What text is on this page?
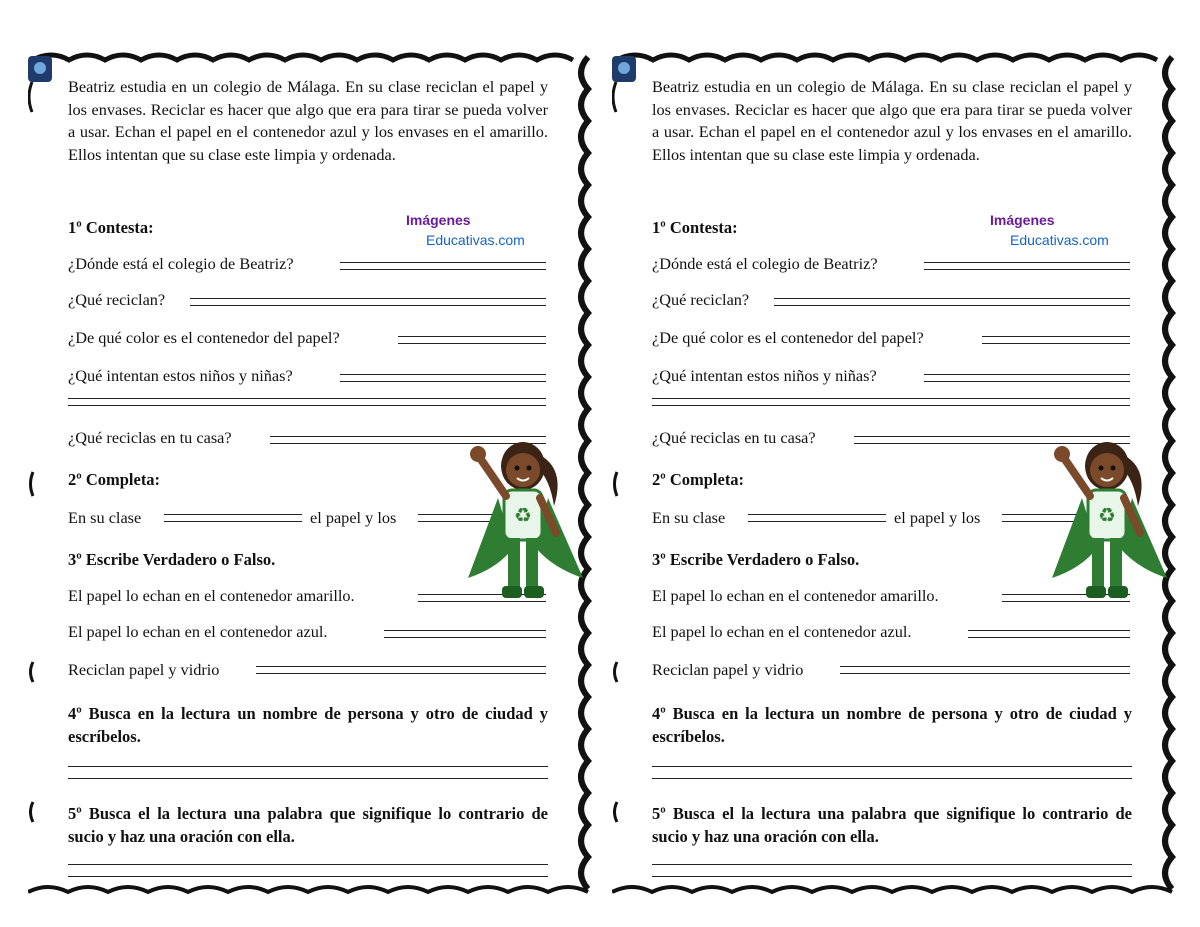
Beatriz estudia en un colegio de Málaga. En su clase reciclan el papel y los envases. Reciclar es hacer que algo que era para tirar se pueda volver a usar. Echan el papel en el contenedor azul y los envases en el amarillo. Ellos intentan que su clase este limpia y ordenada.

Imágenes
Educativas.com
1º Contesta:
¿Dónde está el colegio de Beatriz?
¿Qué reciclan?
¿De qué color es el contenedor del papel?
¿Qué intentan estos niños y niñas?
¿Qué reciclas en tu casa?
2º Completa:
En su clase	el papel y los
3º Escribe Verdadero o Falso.
El papel lo echan en el contenedor amarillo.
El papel lo echan en el contenedor azul.
Reciclan papel y vidrio

4º Busca en la lectura un nombre de persona y otro de ciudad y escríbelos.

5º Busca el la lectura una palabra que signifique lo contrario de sucio y haz una oración con ella.

♻

Beatriz estudia en un colegio de Málaga. En su clase reciclan el papel y los envases. Reciclar es hacer que algo que era para tirar se pueda volver a usar. Echan el papel en el contenedor azul y los envases en el amarillo. Ellos intentan que su clase este limpia y ordenada.

Imágenes
Educativas.com
1º Contesta:
¿Dónde está el colegio de Beatriz?
¿Qué reciclan?
¿De qué color es el contenedor del papel?
¿Qué intentan estos niños y niñas?
¿Qué reciclas en tu casa?
2º Completa:
En su clase	el papel y los
3º Escribe Verdadero o Falso.
El papel lo echan en el contenedor amarillo.
El papel lo echan en el contenedor azul.
Reciclan papel y vidrio

4º Busca en la lectura un nombre de persona y otro de ciudad y escríbelos.

5º Busca el la lectura una palabra que signifique lo contrario de sucio y haz una oración con ella.

♻
